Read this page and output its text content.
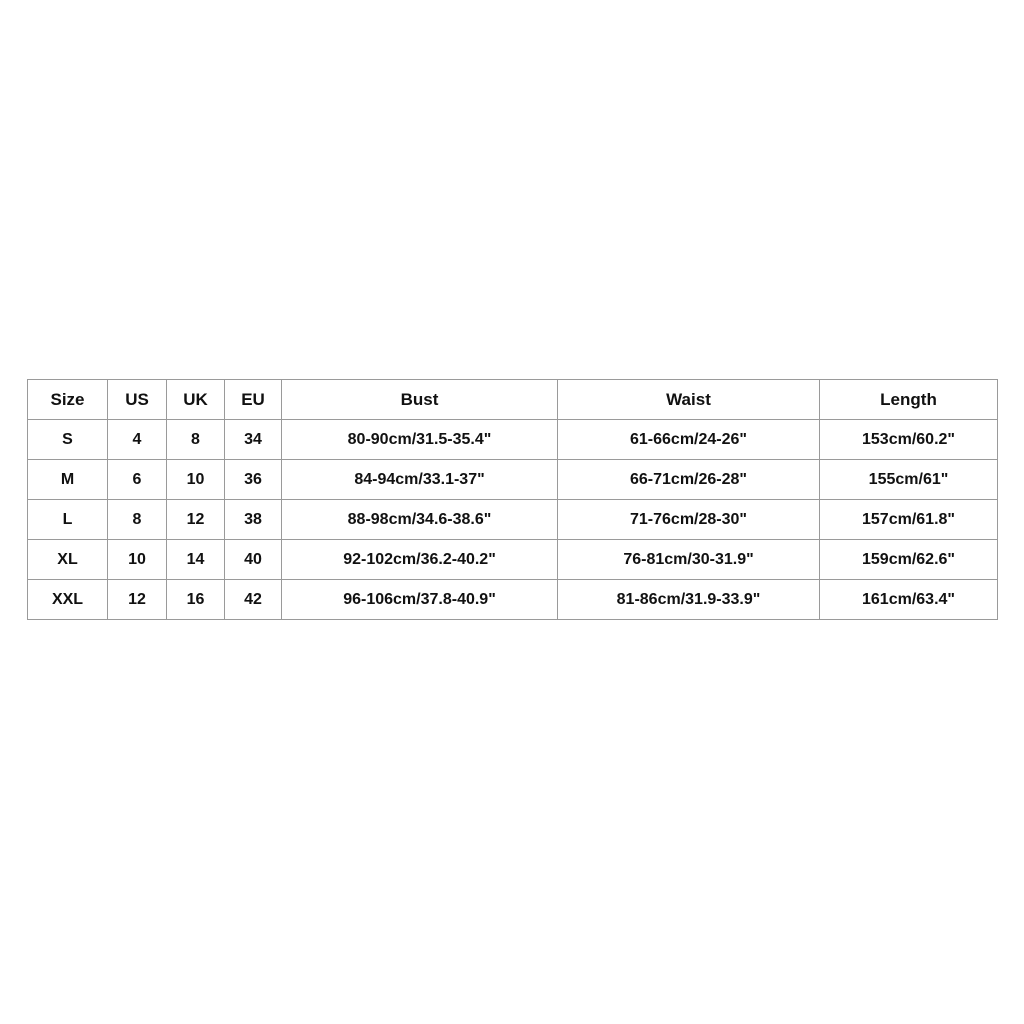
Size	US	UK	EU	Bust	Waist	Length
S	4	8	34	80-90cm/31.5-35.4"	61-66cm/24-26"	153cm/60.2"
M	6	10	36	84-94cm/33.1-37"	66-71cm/26-28"	155cm/61"
L	8	12	38	88-98cm/34.6-38.6"	71-76cm/28-30"	157cm/61.8"
XL	10	14	40	92-102cm/36.2-40.2"	76-81cm/30-31.9"	159cm/62.6"
XXL	12	16	42	96-106cm/37.8-40.9"	81-86cm/31.9-33.9"	161cm/63.4"
